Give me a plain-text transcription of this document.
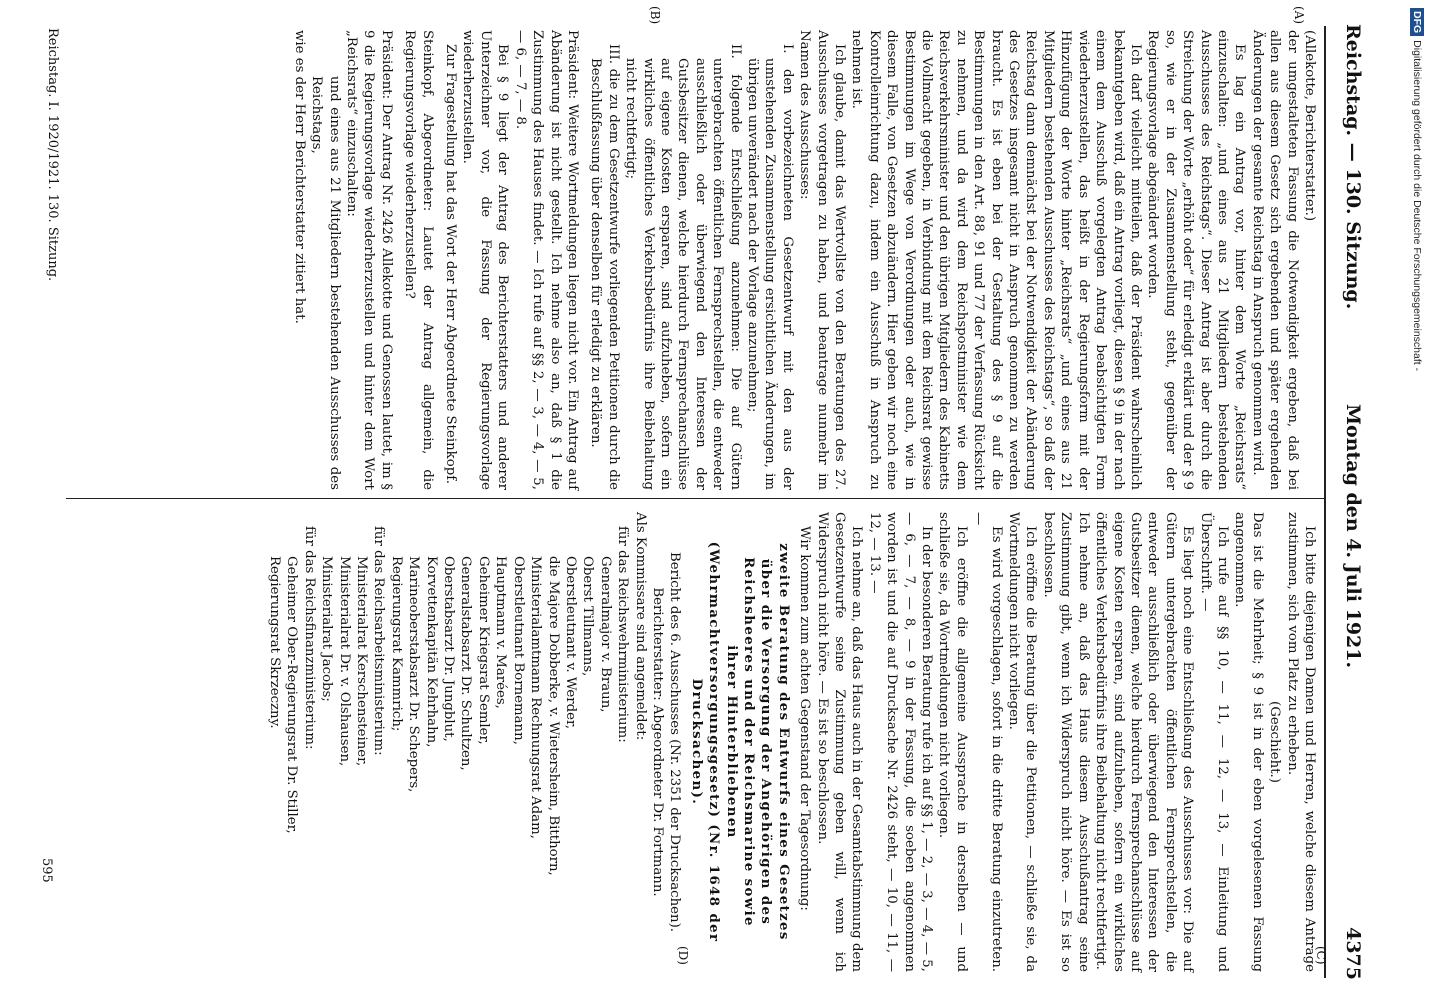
Reichstag. — 130. Sitzung.
Montag den 4. Juli 1921.
4375
(A)
(B)
(C)
(D)

(Allekotte, Berichterstatter.)

der umgestalteten Fassung die Notwendigkeit ergeben, daß bei allen aus diesem Gesetz sich ergebenden und später ergehenden Änderungen der gesamte Reichstag in Anspruch genommen wird.

Es lag ein Antrag vor, hinter dem Worte „Reichsrats“ einzuschalten: „und eines aus 21 Mitgliedern bestehenden Ausschusses des Reichstags“. Dieser Antrag ist aber durch die Streichung der Worte „erhöht oder“ für erledigt erklärt und der § 9 so, wie er in der Zusammenstellung steht, gegenüber der Regierungsvorlage abgeändert worden.

Ich darf vielleicht mitteilen, daß der Präsident wahrscheinlich bekanntgeben wird, daß ein Antrag vorliegt, diesen § 9 in der nach einem dem Ausschuß vorgelegten Antrag beabsichtigten Form wiederherzustellen, das heißt in der Regierungsform mit der Hinzufügung der Worte hinter „Reichsrats“ „und eines aus 21 Mitgliedern bestehenden Ausschusses des Reichstags“, so daß der Reichstag dann demnächst bei der Notwendigkeit der Abänderung des Gesetzes insgesamt nicht in Anspruch genommen zu werden braucht. Es ist eben bei der Gestaltung des § 9 auf die Bestimmungen in den Art. 88, 91 und 77 der Verfassung Rücksicht zu nehmen, und da wird dem Reichspostminister wie dem Reichsverkehrsminister und den übrigen Mitgliedern des Kabinetts die Vollmacht gegeben, in Verbindung mit dem Reichsrat gewisse Bestimmungen im Wege von Verordnungen oder auch, wie in diesem Falle, von Gesetzen abzuändern. Hier geben wir noch eine Kontrolleinrichtung dazu, indem ein Ausschuß in Anspruch zu nehmen ist.

Ich glaube, damit das Wertvollste von den Beratungen des 27. Ausschusses vorgetragen zu haben, und beantrage nunmehr im Namen des Ausschusses:

I. den vorbezeichneten Gesetzentwurf mit den aus der umstehenden Zusammenstellung ersichtlichen Änderungen, im übrigen unverändert nach der Vorlage anzunehmen;

II. folgende Entschließung anzunehmen: Die auf Gütern untergebrachten öffentlichen Fernsprechstellen, die entweder ausschließlich oder überwiegend den Interessen der Gutsbesitzer dienen, welche hierdurch Fernsprechanschlüsse auf eigene Kosten ersparen, sind aufzuheben, sofern ein wirkliches öffentliches Verkehrsbedürfnis ihre Beibehaltung nicht rechtfertigt;

III. die zu dem Gesetzentwurfe vorliegenden Petitionen durch die Beschlußfassung über denselben für erledigt zu erklären.

Präsident: Weitere Wortmeldungen liegen nicht vor. Ein Antrag auf Abänderung ist nicht gestellt. Ich nehme also an, daß § 1 die Zustimmung des Hauses findet. — Ich rufe auf §§ 2, — 3, — 4, — 5, — 6, — 7, — 8.

Bei § 9 liegt der Antrag des Berichterstatters und anderer Unterzeichner vor, die Fassung der Regierungsvorlage wiederherzustellen.

Zur Fragestellung hat das Wort der Herr Abgeordnete Steinkopf.

Steinkopf, Abgeordneter: Lautet der Antrag allgemein, die Regierungsvorlage wiederherzustellen?

Präsident: Der Antrag Nr. 2426 Allekotte und Genossen lautet, im § 9 die Regierungsvorlage wiederherzustellen und hinter dem Wort „Reichsrats“ einzuschalten:

und eines aus 21 Mitgliedern bestehenden Ausschusses des Reichstags,

wie es der Herr Berichterstatter zitiert hat.

Ich bitte diejenigen Damen und Herren, welche diesem Antrage zustimmen, sich vom Platz zu erheben.

(Geschieht.)

Das ist die Mehrheit; § 9 ist in der eben vorgelesenen Fassung angenommen.

Ich rufe auf §§ 10, — 11, — 12, — 13, — Einleitung und Überschrift. —

Es liegt noch eine Entschließung des Ausschusses vor: Die auf Gütern untergebrachten öffentlichen Fernsprechstellen, die entweder ausschließlich oder überwiegend den Interessen der Gutsbesitzer dienen, welche hierdurch Fernsprechanschlüsse auf eigene Kosten ersparen, sind aufzuheben, sofern ein wirkliches öffentliches Verkehrsbedürfnis ihre Beibehaltung nicht rechtfertigt.

Ich nehme an, daß das Haus diesem Ausschußantrag seine Zustimmung gibt, wenn ich Widerspruch nicht höre. — Es ist so beschlossen.

Ich eröffne die Beratung über die Petitionen, — schließe sie, da Wortmeldungen nicht vorliegen.

Es wird vorgeschlagen, sofort in die dritte Beratung einzutreten. —

Ich eröffne die allgemeine Aussprache in derselben — und schließe sie, da Wortmeldungen nicht vorliegen.

In der besonderen Beratung rufe ich auf §§ 1, — 2, — 3, — 4, — 5, — 6, — 7, — 8, — 9 in der Fassung, die soeben angenommen worden ist und die auf Drucksache Nr. 2426 steht, — 10, — 11, — 12, — 13. —

Ich nehme an, daß das Haus auch in der Gesamtabstimmung dem Gesetzentwurfe seine Zustimmung geben will, wenn ich Widerspruch nicht höre. — Es ist so beschlossen.

Wir kommen zum achten Gegenstand der Tagesordnung:

zweite Beratung des Entwurfs eines Gesetzes über die Versorgung der Angehörigen des Reichsheeres und der Reichsmarine sowie ihrer Hinterbliebenen (Wehrmachtversorgungsgesetz) (Nr. 1648 der Drucksachen).

Bericht des 6. Ausschusses (Nr. 2351 der Drucksachen).

Berichterstatter: Abgeordneter Dr. Fortmann.

Als Kommissare sind angemeldet:

für das Reichswehrministerium:

Generalmajor v. Braun,

Oberst Tillmanns,

Oberstleutnant v. Werder,

die Majore Dobberke, v. Wietersheim, Bitthorn,

Ministerialamtmann Rechnungsrat Adam,

Oberstleutnant Bornemann,

Hauptmann v. Marées,

Geheimer Kriegsrat Semler,

Generalstabsarzt Dr. Schultzen,

Oberstabsarzt Dr. Jungblut,

Korvettenkapitän Kehrhahn,

Marineoberstabsarzt Dr. Schepers,

Regierungsrat Kammrich;

für das Reichsarbeitsministerium:

Ministerialrat Kerschensteiner,

Ministerialrat Dr. v. Olshausen,

Ministerialrat Jacobs;

für das Reichsfinanzministerium:

Geheimer Ober-Regierungsrat Dr. Stiller,

Regierungsrat Skrzeczny.

Reichstag. I. 1920/1921. 130. Sitzung.
595
DFGDigitalisierung gefördert durch die Deutsche Forschungsgemeinschaft -
